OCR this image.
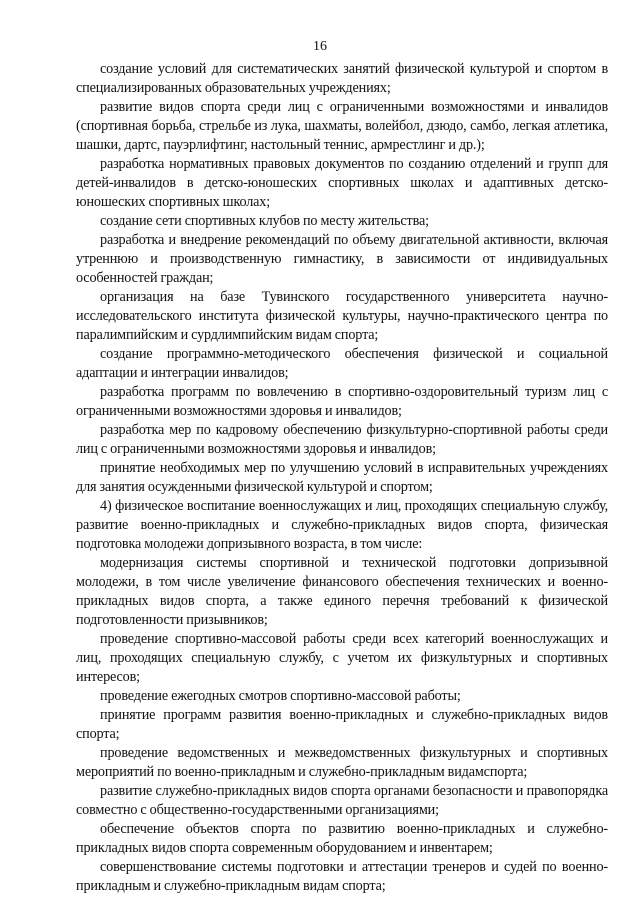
16

создание условий для систематических занятий физической культурой и спортом в специализированных образовательных учреждениях;

развитие видов спорта среди лиц с ограниченными возможностями и инвалидов (спортивная борьба, стрельбе из лука, шахматы, волейбол, дзюдо, самбо, легкая атлетика, шашки, дартс, пауэрлифтинг, настольный теннис, армрестлинг и др.);

разработка нормативных правовых документов по созданию отделений и групп для детей-инвалидов в детско-юношеских спортивных школах и адаптивных детско-юношеских спортивных школах;

создание сети спортивных клубов по месту жительства;

разработка и внедрение рекомендаций по объему двигательной активности, включая утреннюю и производственную гимнастику, в зависимости от индивидуальных особенностей граждан;

организация на базе Тувинского государственного университета научно-исследовательского института физической культуры, научно-практического центра по паралимпийским и сурдлимпийским видам спорта;

создание программно-методического обеспечения физической и социальной адаптации и интеграции инвалидов;

разработка программ по вовлечению в спортивно-оздоровительный туризм лиц с ограниченными возможностями здоровья и инвалидов;

разработка мер по кадровому обеспечению физкультурно-спортивной работы среди лиц с ограниченными возможностями здоровья и инвалидов;

принятие необходимых мер по улучшению условий в исправительных учреждениях для занятия осужденными физической культурой и спортом;

4) физическое воспитание военнослужащих и лиц, проходящих специальную службу, развитие военно-прикладных и служебно-прикладных видов спорта, физическая подготовка молодежи допризывного возраста, в том числе:

модернизация системы спортивной и технической подготовки допризывной молодежи, в том числе увеличение финансового обеспечения технических и военно-прикладных видов спорта, а также единого перечня требований к физической подготовленности призывников;

проведение спортивно-массовой работы среди всех категорий военнослужащих и лиц, проходящих специальную службу, с учетом их физкультурных и спортивных интересов;

проведение ежегодных смотров спортивно-массовой работы;

принятие программ развития военно-прикладных и служебно-прикладных видов спорта;

проведение ведомственных и межведомственных физкультурных и спортивных мероприятий по военно-прикладным и служебно-прикладным видамспорта;

развитие служебно-прикладных видов спорта органами безопасности и правопорядка совместно с общественно-государственными организациями;

обеспечение объектов спорта по развитию военно-прикладных и служебно-прикладных видов спорта современным оборудованием и инвентарем;

совершенствование системы подготовки и аттестации тренеров и судей по военно-прикладным и служебно-прикладным видам спорта;
